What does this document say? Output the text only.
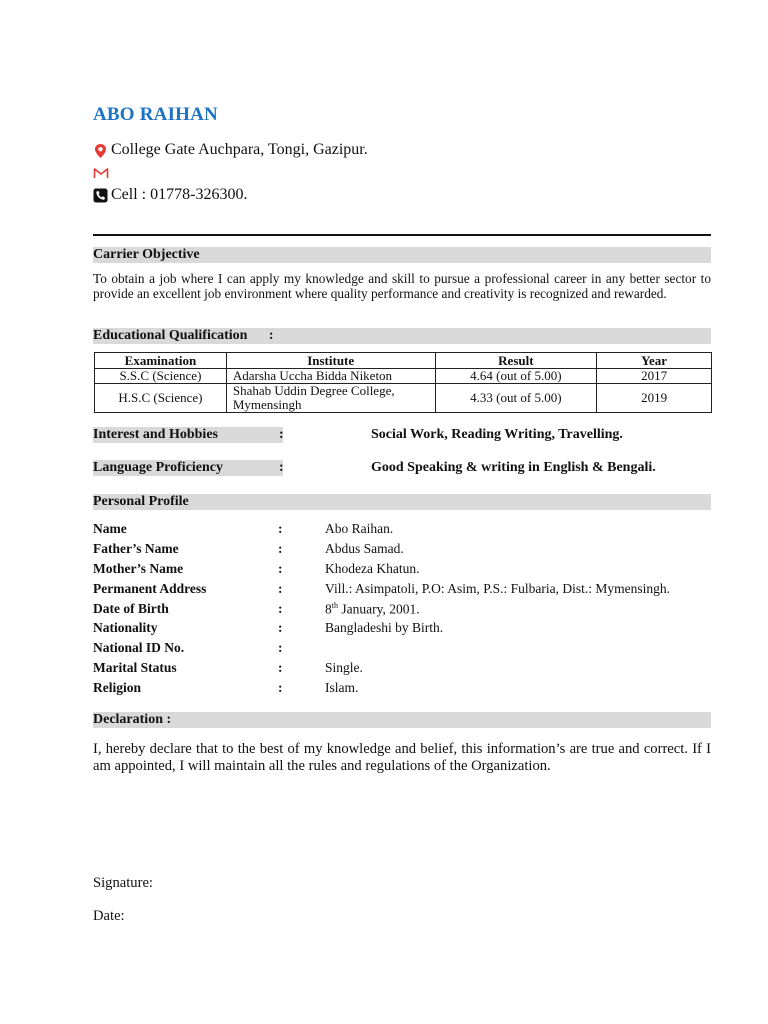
ABO RAIHAN
College Gate Auchpara, Tongi, Gazipur.
Cell : 01778-326300.
Carrier Objective
To obtain a job where I can apply my knowledge and skill to pursue a professional career in any better sector to provide an excellent job environment where quality performance and creativity is recognized and rewarded.
Educational Qualification :
Examination	Institute	Result	Year
S.S.C (Science)	Adarsha Uccha Bidda Niketon	4.64 (out of 5.00)	2017
H.S.C (Science)	Shahab Uddin Degree College, Mymensingh	4.33 (out of 5.00)	2019
Interest and Hobbies	:	Social Work, Reading Writing, Travelling.
Language Proficiency	:	Good Speaking & writing in English & Bengali.
Personal Profile
Name	:	Abo Raihan.
Father’s Name	:	Abdus Samad.
Mother’s Name	:	Khodeza Khatun.
Permanent Address	:	Vill.: Asimpatoli, P.O: Asim, P.S.: Fulbaria, Dist.: Mymensingh.
Date of Birth	:	8th January, 2001.
Nationality	:	Bangladeshi by Birth.
National ID No.	:
Marital Status	:	Single.
Religion	:	Islam.
Declaration :
I, hereby declare that to the best of my knowledge and belief, this information’s are true and correct. If I am appointed, I will maintain all the rules and regulations of the Organization.
Signature:
Date:
